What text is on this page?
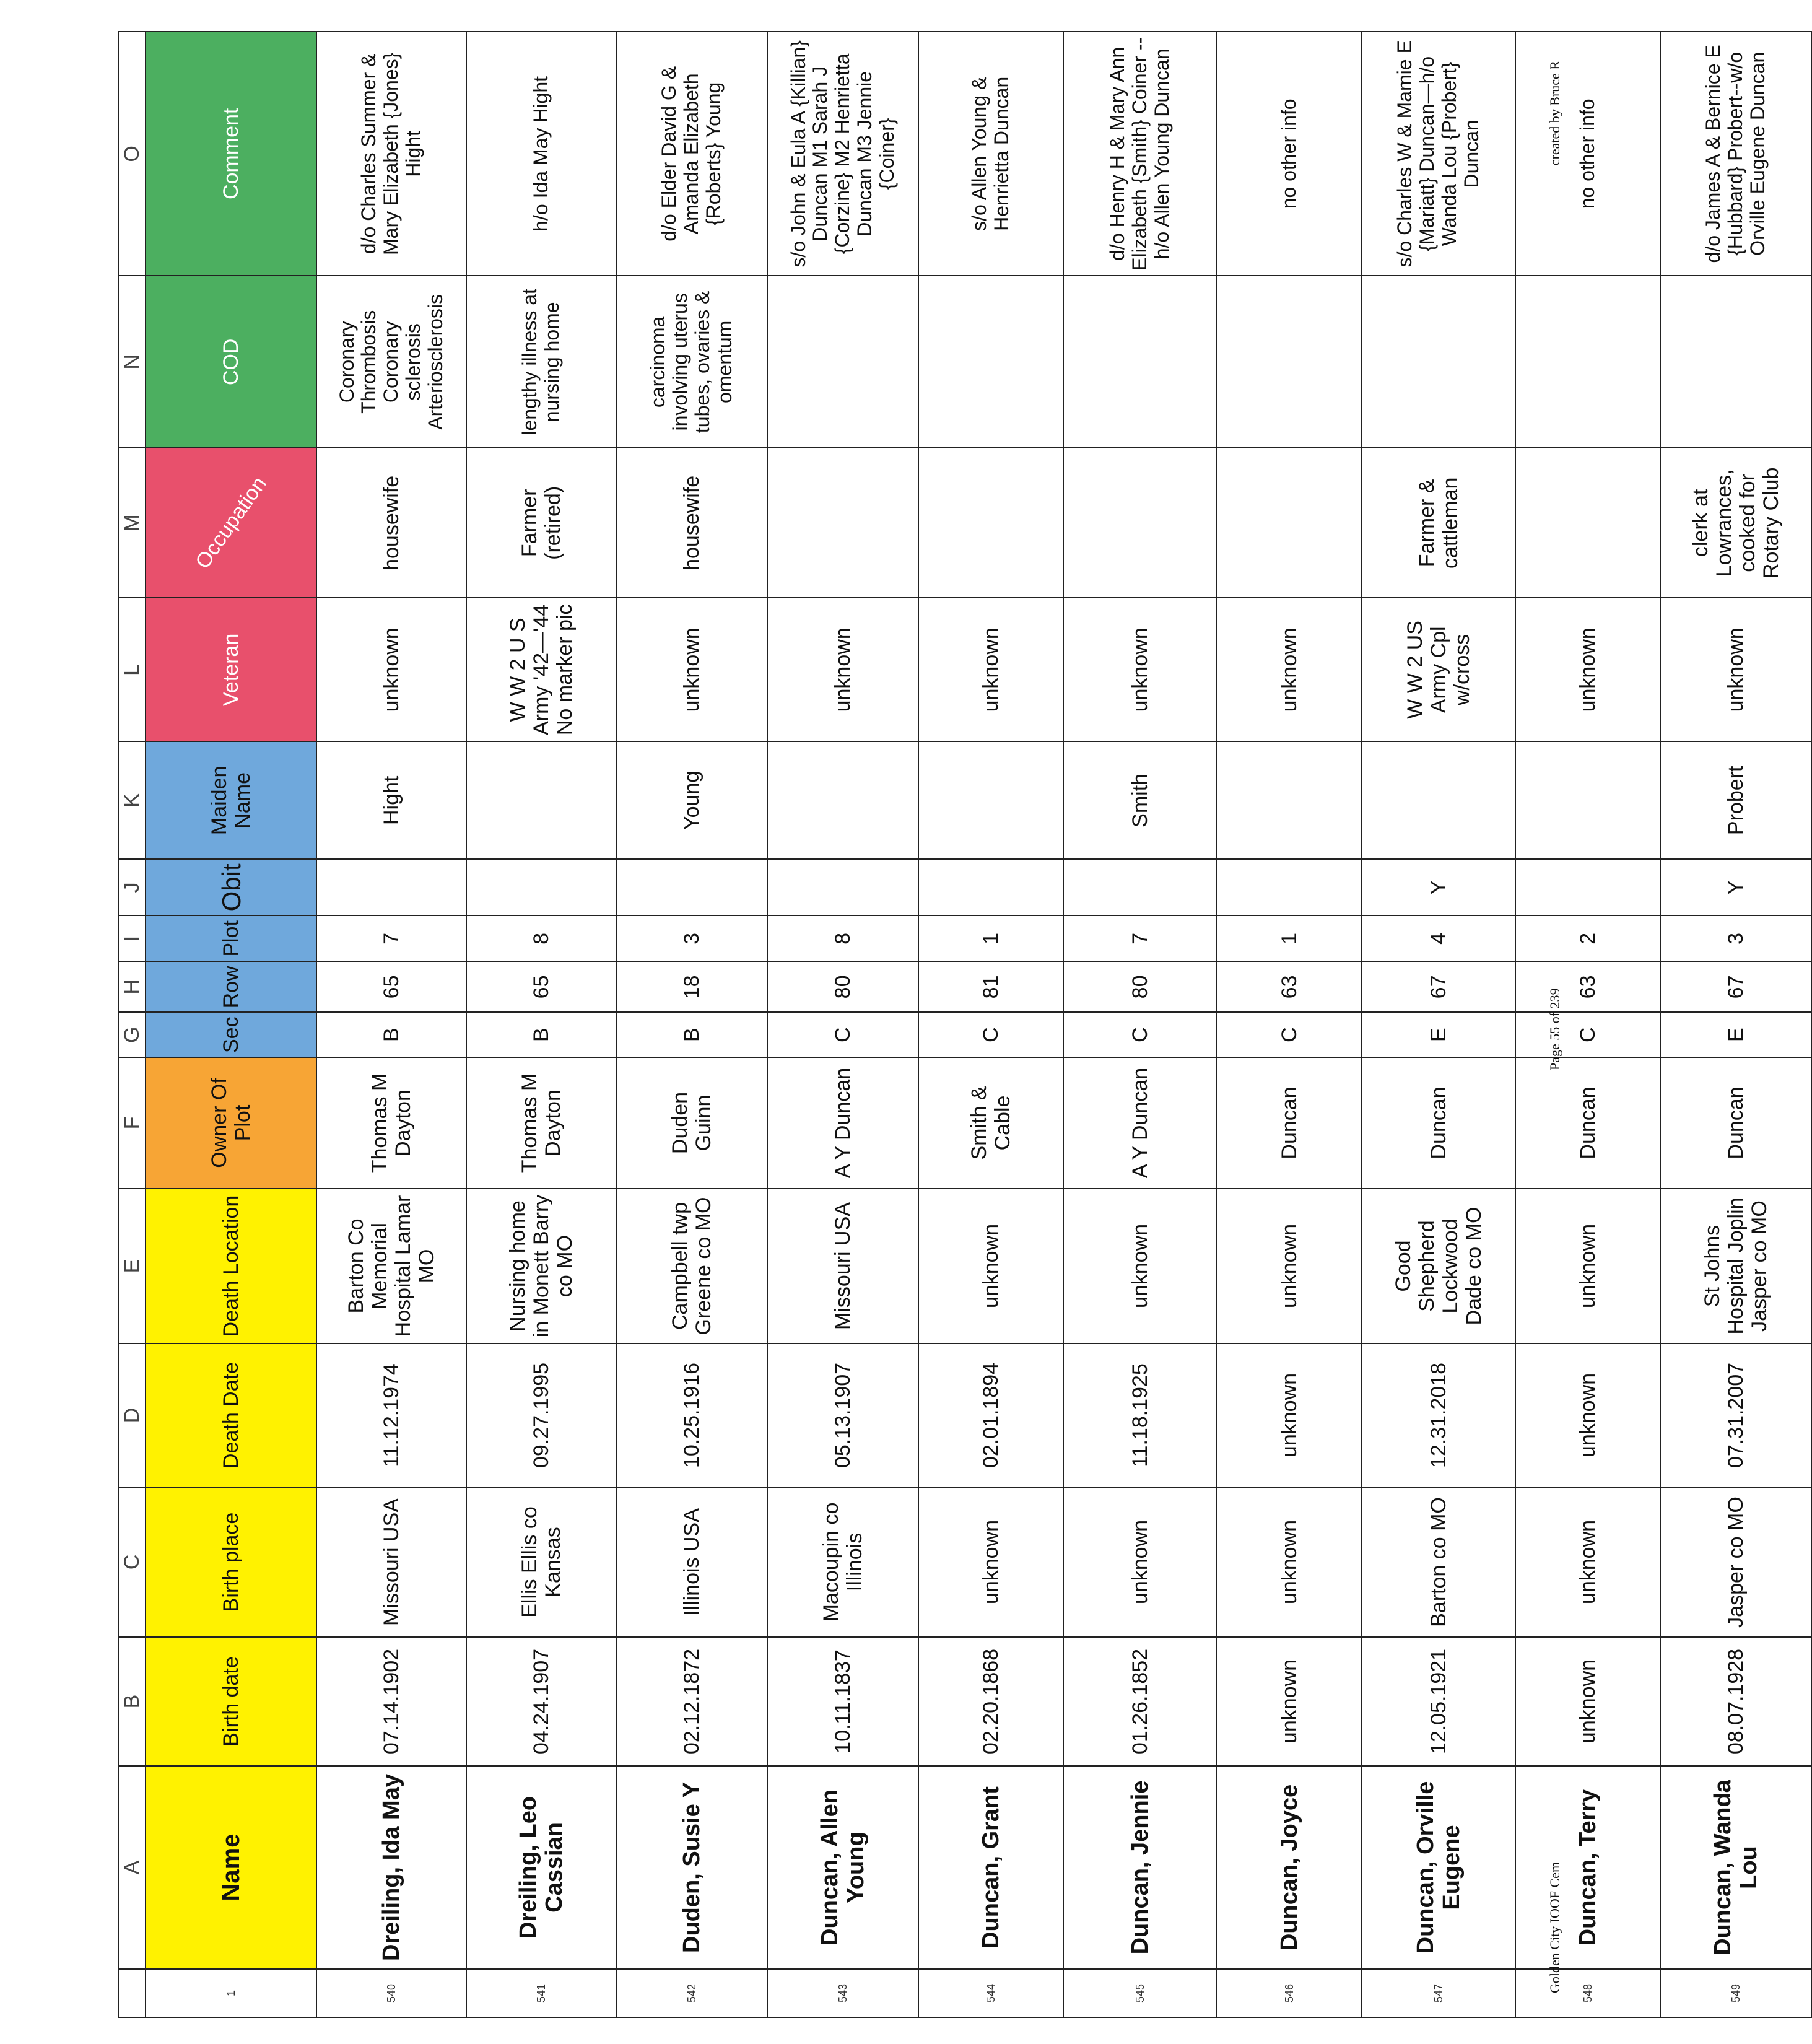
	A	B	C	D	E	F	G	H	I	J	K	L	M	N	O
1	Name	Birth date	Birth place	Death Date	Death Location	Owner Of Plot	Sec	Row	Plot	Obit	Maiden Name	Veteran	Occupation	COD	Comment
540	Dreiling, Ida May	07.14.1902	Missouri USA	11.12.1974	Barton Co Memorial Hospital Lamar MO	Thomas M Dayton	B	65	7		Hight	unknown	housewife	Coronary Thrombosis Coronary sclerosis Arteriosclerosis	d/o Charles Summer & Mary Elizabeth {Jones} Hight
541	Dreiling, Leo Cassian	04.24.1907	Ellis Ellis co Kansas	09.27.1995	Nursing home in Monett Barry co MO	Thomas M Dayton	B	65	8			W W 2 U S Army '42—'44 No marker pic	Farmer (retired)	lengthy illness at nursing home	h/o Ida May Hight
542	Duden, Susie Y	02.12.1872	Illinois USA	10.25.1916	Campbell twp Greene co MO	Duden Guinn	B	18	3		Young	unknown	housewife	carcinoma involving uterus tubes, ovaries & omentum	d/o Elder David G & Amanda Elizabeth {Roberts} Young
543	Duncan, Allen Young	10.11.1837	Macoupin co Illinois	05.13.1907	Missouri USA	A Y Duncan	C	80	8			unknown			s/o John & Eula A {Killian} Duncan M1 Sarah J {Corzine} M2 Henrietta Duncan M3 Jennie {Coiner}
544	Duncan, Grant	02.20.1868	unknown	02.01.1894	unknown	Smith & Cable	C	81	1			unknown			s/o Allen Young & Henrietta Duncan
545	Duncan, Jennie	01.26.1852	unknown	11.18.1925	unknown	A Y Duncan	C	80	7		Smith	unknown			d/o Henry H & Mary Ann Elizabeth {Smith} Coiner --h/o Allen Young Duncan
546	Duncan, Joyce	unknown	unknown	unknown	unknown	Duncan	C	63	1			unknown			no other info
547	Duncan, Orville Eugene	12.05.1921	Barton co MO	12.31.2018	Good Shepherd Lockwood Dade co MO	Duncan	E	67	4	Y		W W 2 US Army Cpl w/cross	Farmer & cattleman		s/o Charles W & Mamie E {Mariatt} Duncan—h/o Wanda Lou {Probert} Duncan
548	Duncan, Terry	unknown	unknown	unknown	unknown	Duncan	C	63	2			unknown			no other info
549	Duncan, Wanda Lou	08.07.1928	Jasper co MO	07.31.2007	St Johns Hospital Joplin Jasper co MO	Duncan	E	67	3	Y	Probert	unknown	clerk at Lowrances, cooked for Rotary Club		d/o James A & Bernice E {Hubbard} Probert--w/o Orville Eugene Duncan
Golden City IOOF Cem
Page 55 of 239
created by Bruce R
